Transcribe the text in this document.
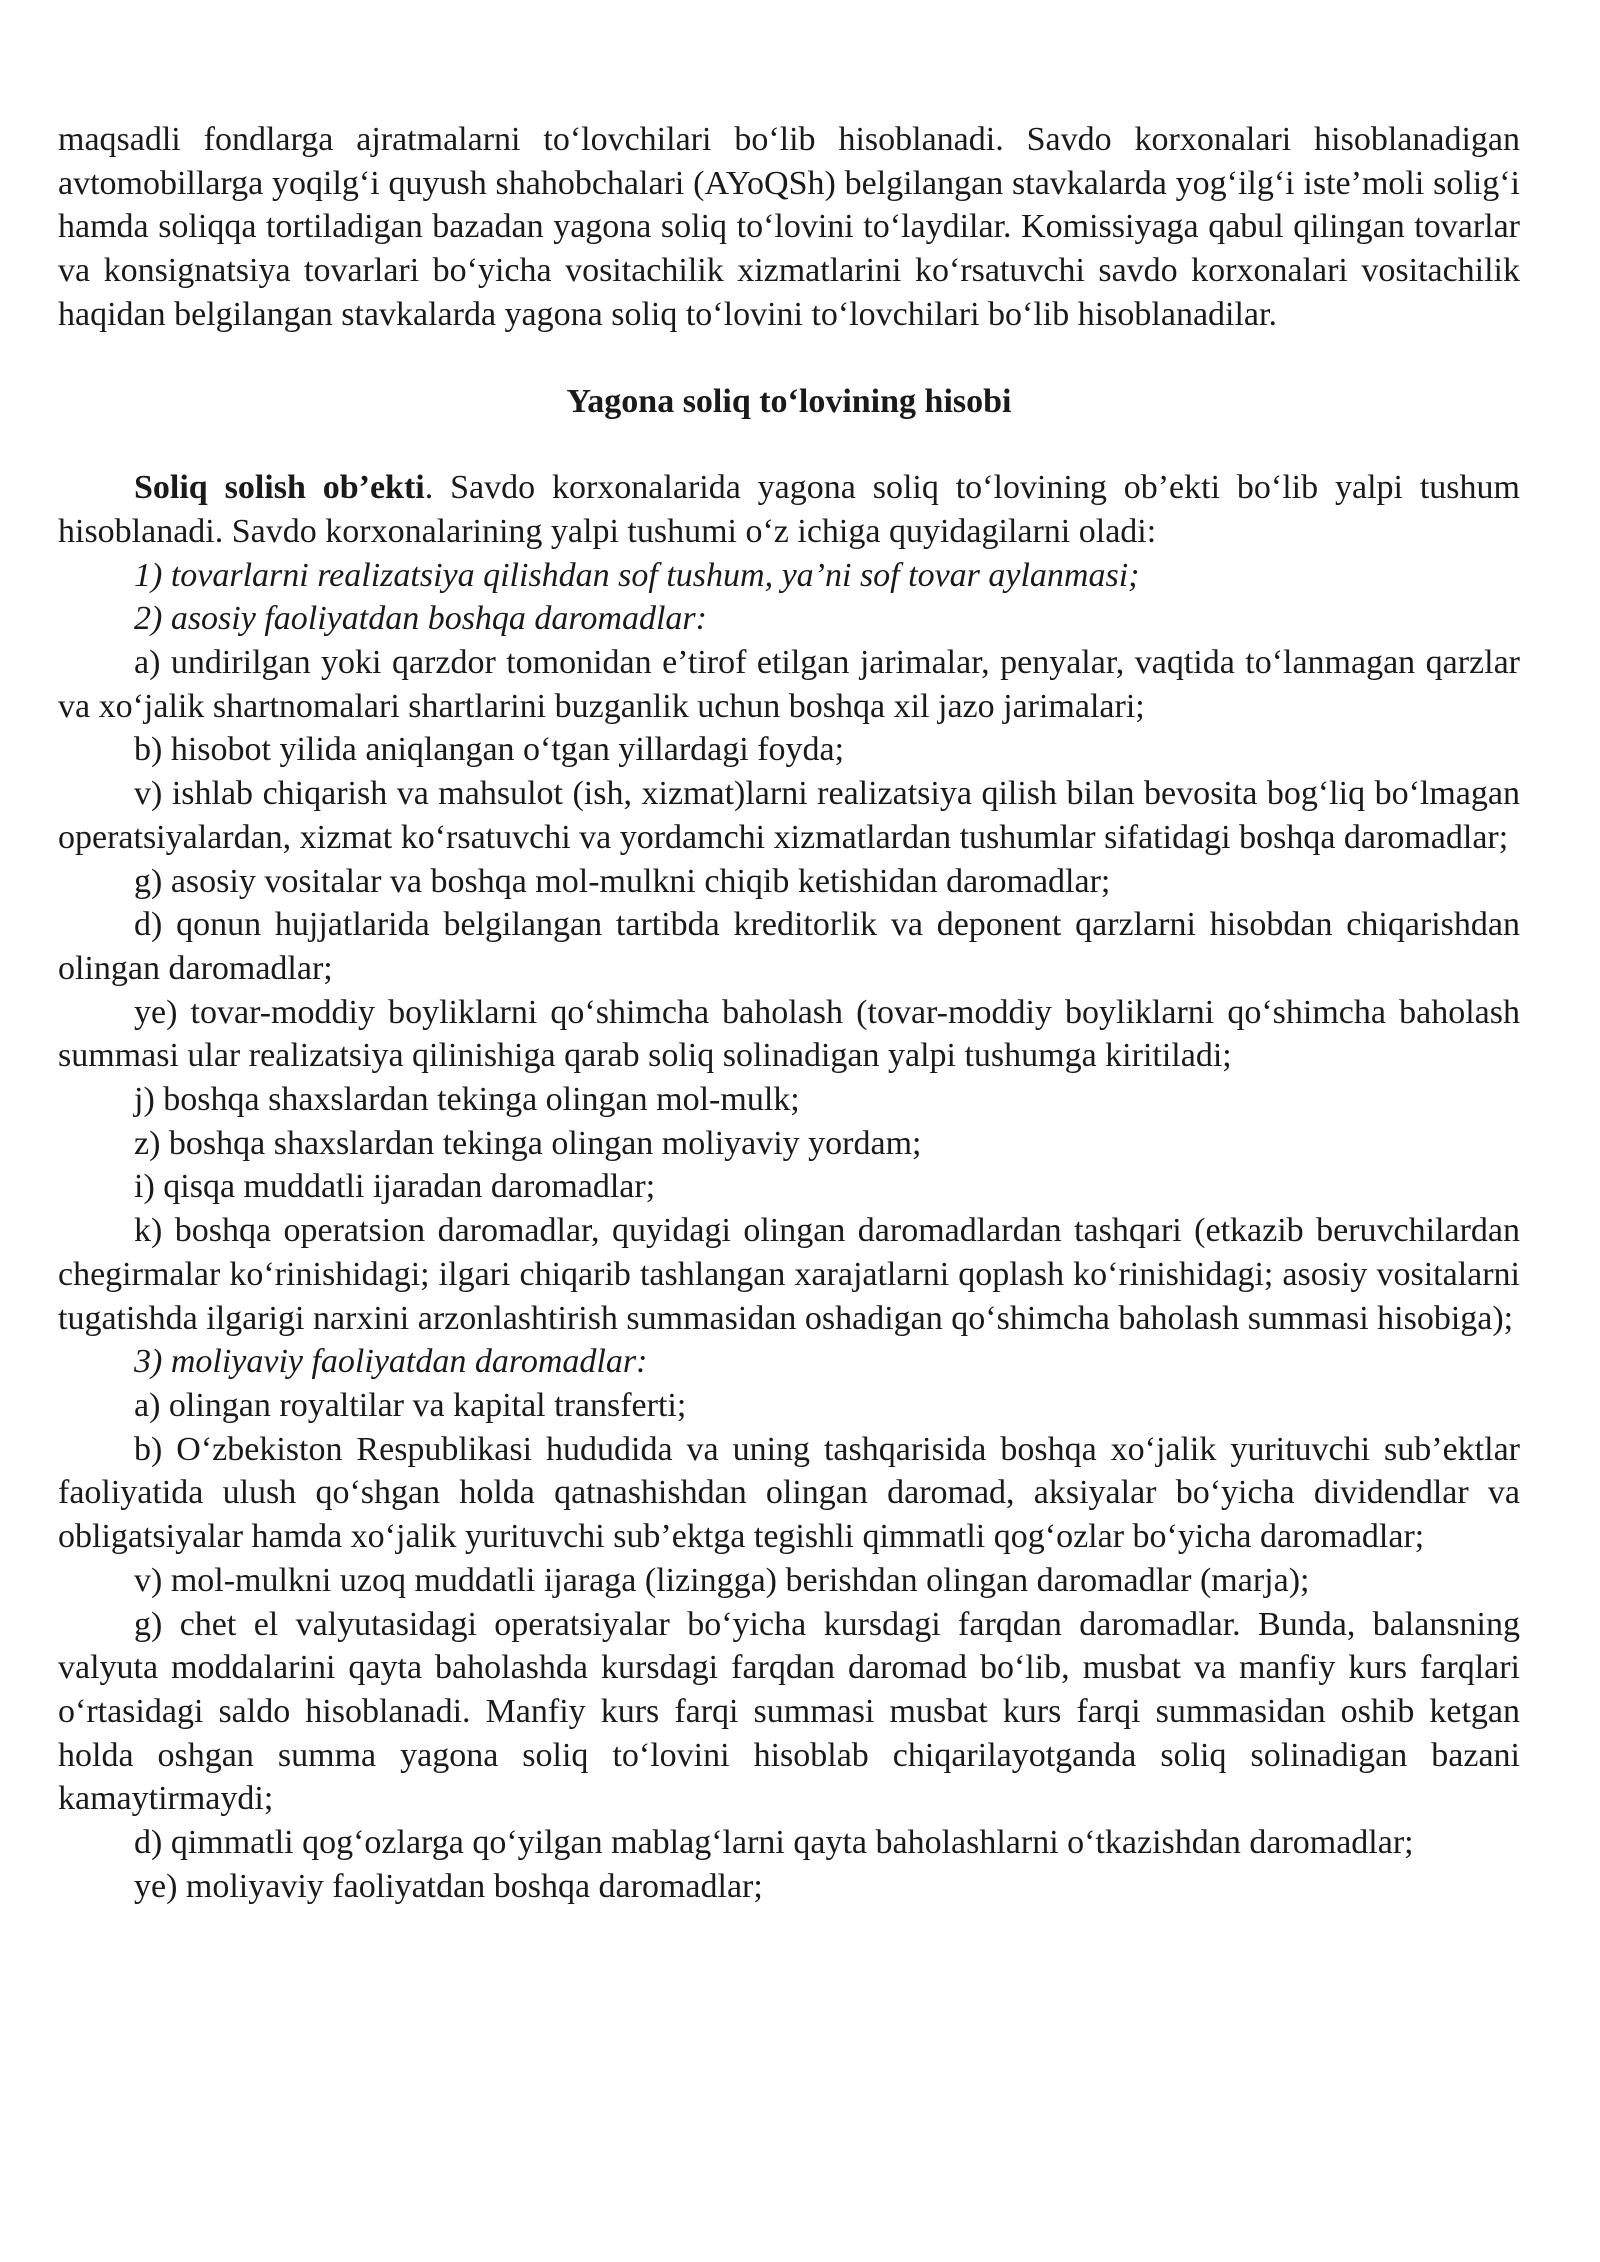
maqsadli fondlarga ajratmalarni to‘lovchilari bo‘lib hisoblanadi. Savdo korxonalari hisoblanadigan avtomobillarga yoqilg‘i quyush shahobchalari (AYoQSh) belgilangan stavkalarda yog‘ilg‘i iste’moli solig‘i hamda soliqqa tortiladigan bazadan yagona soliq to‘lovini to‘laydilar. Komissiyaga qabul qilingan tovarlar va konsignatsiya tovarlari bo‘yicha vositachilik xizmatlarini ko‘rsatuvchi savdo korxonalari vositachilik haqidan belgilangan stavkalarda yagona soliq to‘lovini to‘lovchilari bo‘lib hisoblanadilar.

Yagona soliq to‘lovining hisobi

Soliq solish ob’ekti. Savdo korxonalarida yagona soliq to‘lovining ob’ekti bo‘lib yalpi tushum hisoblanadi. Savdo korxonalarining yalpi tushumi o‘z ichiga quyidagilarni oladi:

1) tovarlarni realizatsiya qilishdan sof tushum, ya’ni sof tovar aylanmasi;

2) asosiy faoliyatdan boshqa daromadlar:

a) undirilgan yoki qarzdor tomonidan e’tirof etilgan jarimalar, penyalar, vaqtida to‘lanmagan qarzlar va xo‘jalik shartnomalari shartlarini buzganlik uchun boshqa xil jazo jarimalari;

b) hisobot yilida aniqlangan o‘tgan yillardagi foyda;

v) ishlab chiqarish va mahsulot (ish, xizmat)larni realizatsiya qilish bilan bevosita bog‘liq bo‘lmagan operatsiyalardan, xizmat ko‘rsatuvchi va yordamchi xizmatlardan tushumlar sifatidagi boshqa daromadlar;

g) asosiy vositalar va boshqa mol-mulkni chiqib ketishidan daromadlar;

d) qonun hujjatlarida belgilangan tartibda kreditorlik va deponent qarzlarni hisobdan chiqarishdan olingan daromadlar;

ye) tovar-moddiy boyliklarni qo‘shimcha baholash (tovar-moddiy boyliklarni qo‘shimcha baholash summasi ular realizatsiya qilinishiga qarab soliq solinadigan yalpi tushumga kiritiladi;

j) boshqa shaxslardan tekinga olingan mol-mulk;

z) boshqa shaxslardan tekinga olingan moliyaviy yordam;

i) qisqa muddatli ijaradan daromadlar;

k) boshqa operatsion daromadlar, quyidagi olingan daromadlardan tashqari (etkazib beruvchilardan chegirmalar ko‘rinishidagi; ilgari chiqarib tashlangan xarajatlarni qoplash ko‘rinishidagi; asosiy vositalarni tugatishda ilgarigi narxini arzonlashtirish summasidan oshadigan qo‘shimcha baholash summasi hisobiga);

3) moliyaviy faoliyatdan daromadlar:

a) olingan royaltilar va kapital transferti;

b) O‘zbekiston Respublikasi hududida va uning tashqarisida boshqa xo‘jalik yurituvchi sub’ektlar faoliyatida ulush qo‘shgan holda qatnashishdan olingan daromad, aksiyalar bo‘yicha dividendlar va obligatsiyalar hamda xo‘jalik yurituvchi sub’ektga tegishli qimmatli qog‘ozlar bo‘yicha daromadlar;

v) mol-mulkni uzoq muddatli ijaraga (lizingga) berishdan olingan daromadlar (marja);

g) chet el valyutasidagi operatsiyalar bo‘yicha kursdagi farqdan daromadlar. Bunda, balansning valyuta moddalarini qayta baholashda kursdagi farqdan daromad bo‘lib, musbat va manfiy kurs farqlari o‘rtasidagi saldo hisoblanadi. Manfiy kurs farqi summasi musbat kurs farqi summasidan oshib ketgan holda oshgan summa yagona soliq to‘lovini hisoblab chiqarilayotganda soliq solinadigan bazani kamaytirmaydi;

d) qimmatli qog‘ozlarga qo‘yilgan mablag‘larni qayta baholashlarni o‘tkazishdan daromadlar;

ye) moliyaviy faoliyatdan boshqa daromadlar;
